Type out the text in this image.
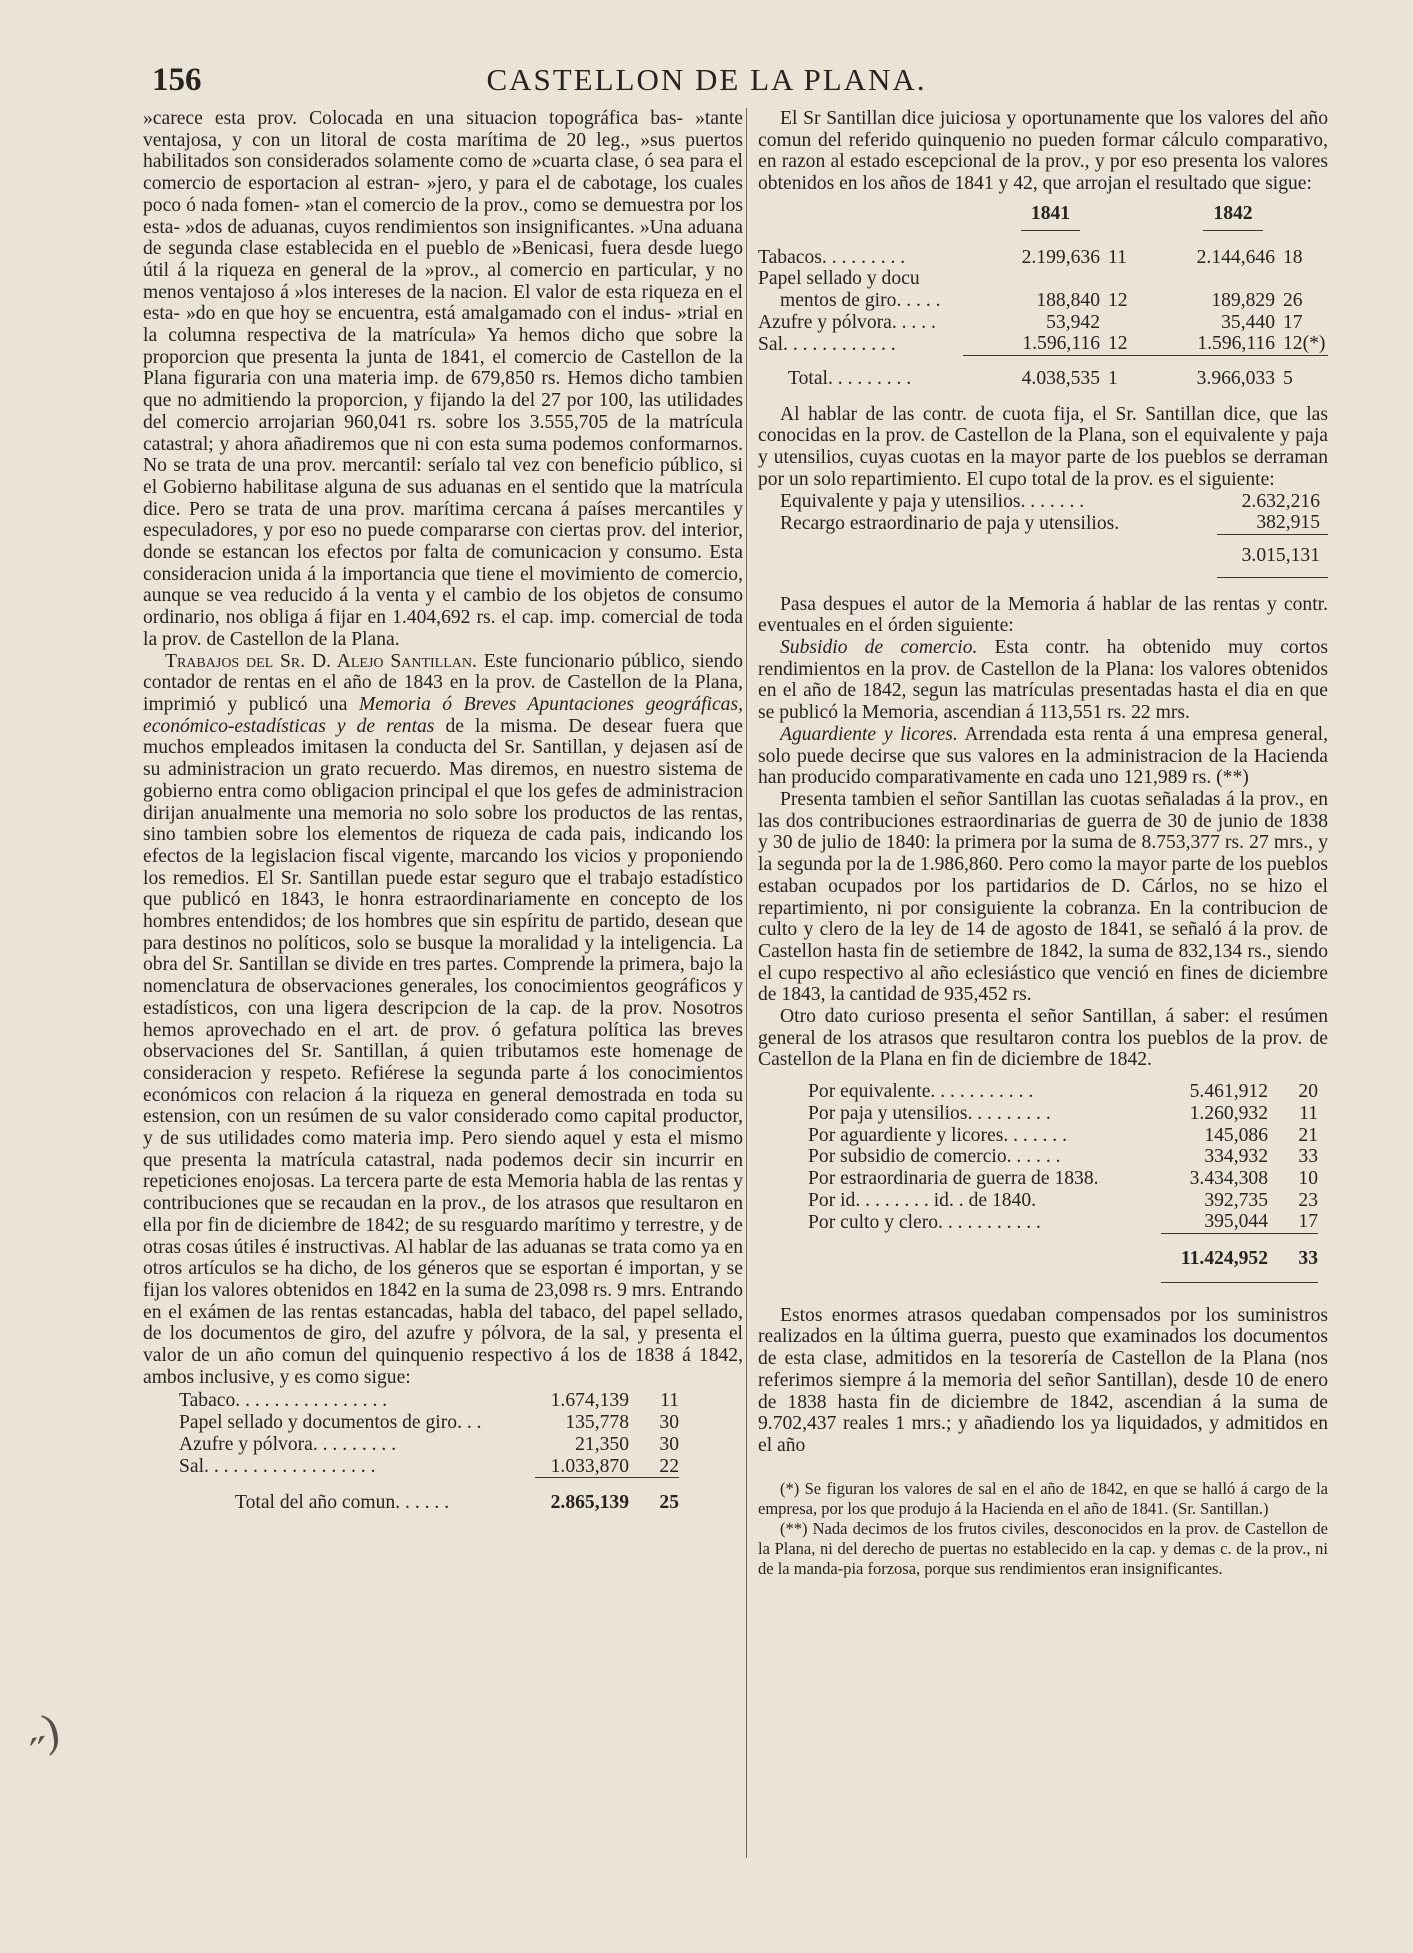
156	CASTELLON DE LA PLANA.
˶)

»carece esta prov. Colocada en una situacion topográfica bas- »tante ventajosa, y con un litoral de costa marítima de 20 leg., »sus puertos habilitados son considerados solamente como de »cuarta clase, ó sea para el comercio de esportacion al estran- »jero, y para el de cabotage, los cuales poco ó nada fomen- »tan el comercio de la prov., como se demuestra por los esta- »dos de aduanas, cuyos rendimientos son insignificantes. »Una aduana de segunda clase establecida en el pueblo de »Benicasi, fuera desde luego útil á la riqueza en general de la »prov., al comercio en particular, y no menos ventajoso á »los intereses de la nacion. El valor de esta riqueza en el esta- »do en que hoy se encuentra, está amalgamado con el indus- »trial en la columna respectiva de la matrícula» Ya hemos dicho que sobre la proporcion que presenta la junta de 1841, el comercio de Castellon de la Plana figuraria con una materia imp. de 679,850 rs. Hemos dicho tambien que no admitiendo la proporcion, y fijando la del 27 por 100, las utilidades del comercio arrojarian 960,041 rs. sobre los 3.555,705 de la matrícula catastral; y ahora añadiremos que ni con esta suma podemos conformarnos. No se trata de una prov. mercantil: seríalo tal vez con beneficio público, si el Gobierno habilitase alguna de sus aduanas en el sentido que la matrícula dice. Pero se trata de una prov. marítima cercana á países mercantiles y especuladores, y por eso no puede compararse con ciertas prov. del interior, donde se estancan los efectos por falta de comunicacion y consumo. Esta consideracion unida á la importancia que tiene el movimiento de comercio, aunque se vea reducido á la venta y el cambio de los objetos de consumo ordinario, nos obliga á fijar en 1.404,692 rs. el cap. imp. comercial de toda la prov. de Castellon de la Plana.

Trabajos del Sr. D. Alejo Santillan. Este funcionario público, siendo contador de rentas en el año de 1843 en la prov. de Castellon de la Plana, imprimió y publicó una Memoria ó Breves Apuntaciones geográficas, económico-estadísticas y de rentas de la misma. De desear fuera que muchos empleados imitasen la conducta del Sr. Santillan, y dejasen así de su administracion un grato recuerdo. Mas diremos, en nuestro sistema de gobierno entra como obligacion principal el que los gefes de administracion dirijan anualmente una memoria no solo sobre los productos de las rentas, sino tambien sobre los elementos de riqueza de cada pais, indicando los efectos de la legislacion fiscal vigente, marcando los vicios y proponiendo los remedios. El Sr. Santillan puede estar seguro que el trabajo estadístico que publicó en 1843, le honra estraordinariamente en concepto de los hombres entendidos; de los hombres que sin espíritu de partido, desean que para destinos no políticos, solo se busque la moralidad y la inteligencia. La obra del Sr. Santillan se divide en tres partes. Comprende la primera, bajo la nomenclatura de observaciones generales, los conocimientos geográficos y estadísticos, con una ligera descripcion de la cap. de la prov. Nosotros hemos aprovechado en el art. de prov. ó gefatura política las breves observaciones del Sr. Santillan, á quien tributamos este homenage de consideracion y respeto. Refiérese la segunda parte á los conocimientos económicos con relacion á la riqueza en general demostrada en toda su estension, con un resúmen de su valor considerado como capital productor, y de sus utilidades como materia imp. Pero siendo aquel y esta el mismo que presenta la matrícula catastral, nada podemos decir sin incurrir en repeticiones enojosas. La tercera parte de esta Memoria habla de las rentas y contribuciones que se recaudan en la prov., de los atrasos que resultaron en ella por fin de diciembre de 1842; de su resguardo marítimo y terrestre, y de otras cosas útiles é instructivas. Al hablar de las aduanas se trata como ya en otros artículos se ha dicho, de los géneros que se esportan é importan, y se fijan los valores obtenidos en 1842 en la suma de 23,098 rs. 9 mrs. Entrando en el exámen de las rentas estancadas, habla del tabaco, del papel sellado, de los documentos de giro, del azufre y pólvora, de la sal, y presenta el valor de un año comun del quinquenio respectivo á los de 1838 á 1842, ambos inclusive, y es como sigue:

Tabaco. . . . . . . . . . . . . . . .	1.674,139	11
Papel sellado y documentos de giro. . .	135,778	30
Azufre y pólvora. . . . . . . . .	21,350	30
Sal. . . . . . . . . . . . . . . . . .	1.033,870	22
Total del año comun. . . . . .	2.865,139	25

El Sr Santillan dice juiciosa y oportunamente que los valores del año comun del referido quinquenio no pueden formar cálculo comparativo, en razon al estado escepcional de la prov., y por eso presenta los valores obtenidos en los años de 1841 y 42, que arrojan el resultado que sigue:

	1841		1842	
Tabacos. . . . . . . . .	2.199,636	11	2.144,646	18
Papel sellado y docu				
mentos de giro. . . . .	188,840	12	189,829	26
Azufre y pólvora. . . . .	53,942		35,440	17
Sal. . . . . . . . . . . .	1.596,116	12	1.596,116	12(*)
Total. . . . . . . . .	4.038,535	1	3.966,033	5

Al hablar de las contr. de cuota fija, el Sr. Santillan dice, que las conocidas en la prov. de Castellon de la Plana, son el equivalente y paja y utensilios, cuyas cuotas en la mayor parte de los pueblos se derraman por un solo repartimiento. El cupo total de la prov. es el siguiente:

Equivalente y paja y utensilios. . . . . . .	2.632,216
Recargo estraordinario de paja y utensilios.	382,915
	3.015,131

Pasa despues el autor de la Memoria á hablar de las rentas y contr. eventuales en el órden siguiente:

Subsidio de comercio. Esta contr. ha obtenido muy cortos rendimientos en la prov. de Castellon de la Plana: los valores obtenidos en el año de 1842, segun las matrículas presentadas hasta el dia en que se publicó la Memoria, ascendian á 113,551 rs. 22 mrs.

Aguardiente y licores. Arrendada esta renta á una empresa general, solo puede decirse que sus valores en la administracion de la Hacienda han producido comparativamente en cada uno 121,989 rs. (**)

Presenta tambien el señor Santillan las cuotas señaladas á la prov., en las dos contribuciones estraordinarias de guerra de 30 de junio de 1838 y 30 de julio de 1840: la primera por la suma de 8.753,377 rs. 27 mrs., y la segunda por la de 1.986,860. Pero como la mayor parte de los pueblos estaban ocupados por los partidarios de D. Cárlos, no se hizo el repartimiento, ni por consiguiente la cobranza. En la contribucion de culto y clero de la ley de 14 de agosto de 1841, se señaló á la prov. de Castellon hasta fin de setiembre de 1842, la suma de 832,134 rs., siendo el cupo respectivo al año eclesiástico que venció en fines de diciembre de 1843, la cantidad de 935,452 rs.

Otro dato curioso presenta el señor Santillan, á saber: el resúmen general de los atrasos que resultaron contra los pueblos de la prov. de Castellon de la Plana en fin de diciembre de 1842.

Por equivalente. . . . . . . . . . .	5.461,912	20
Por paja y utensilios. . . . . . . . .	1.260,932	11
Por aguardiente y licores. . . . . . .	145,086	21
Por subsidio de comercio. . . . . .	334,932	33
Por estraordinaria de guerra de 1838.	3.434,308	10
Por id. . . . . . . . id. . de 1840.	392,735	23
Por culto y clero. . . . . . . . . . .	395,044	17
	11.424,952	33

Estos enormes atrasos quedaban compensados por los suministros realizados en la última guerra, puesto que examinados los documentos de esta clase, admitidos en la tesorería de Castellon de la Plana (nos referimos siempre á la memoria del señor Santillan), desde 10 de enero de 1838 hasta fin de diciembre de 1842, ascendian á la suma de 9.702,437 reales 1 mrs.; y añadiendo los ya liquidados, y admitidos en el año

(*) Se figuran los valores de sal en el año de 1842, en que se halló á cargo de la empresa, por los que produjo á la Hacienda en el año de 1841. (Sr. Santillan.)

(**) Nada decimos de los frutos civiles, desconocidos en la prov. de Castellon de la Plana, ni del derecho de puertas no establecido en la cap. y demas c. de la prov., ni de la manda-pia forzosa, porque sus rendimientos eran insignificantes.
